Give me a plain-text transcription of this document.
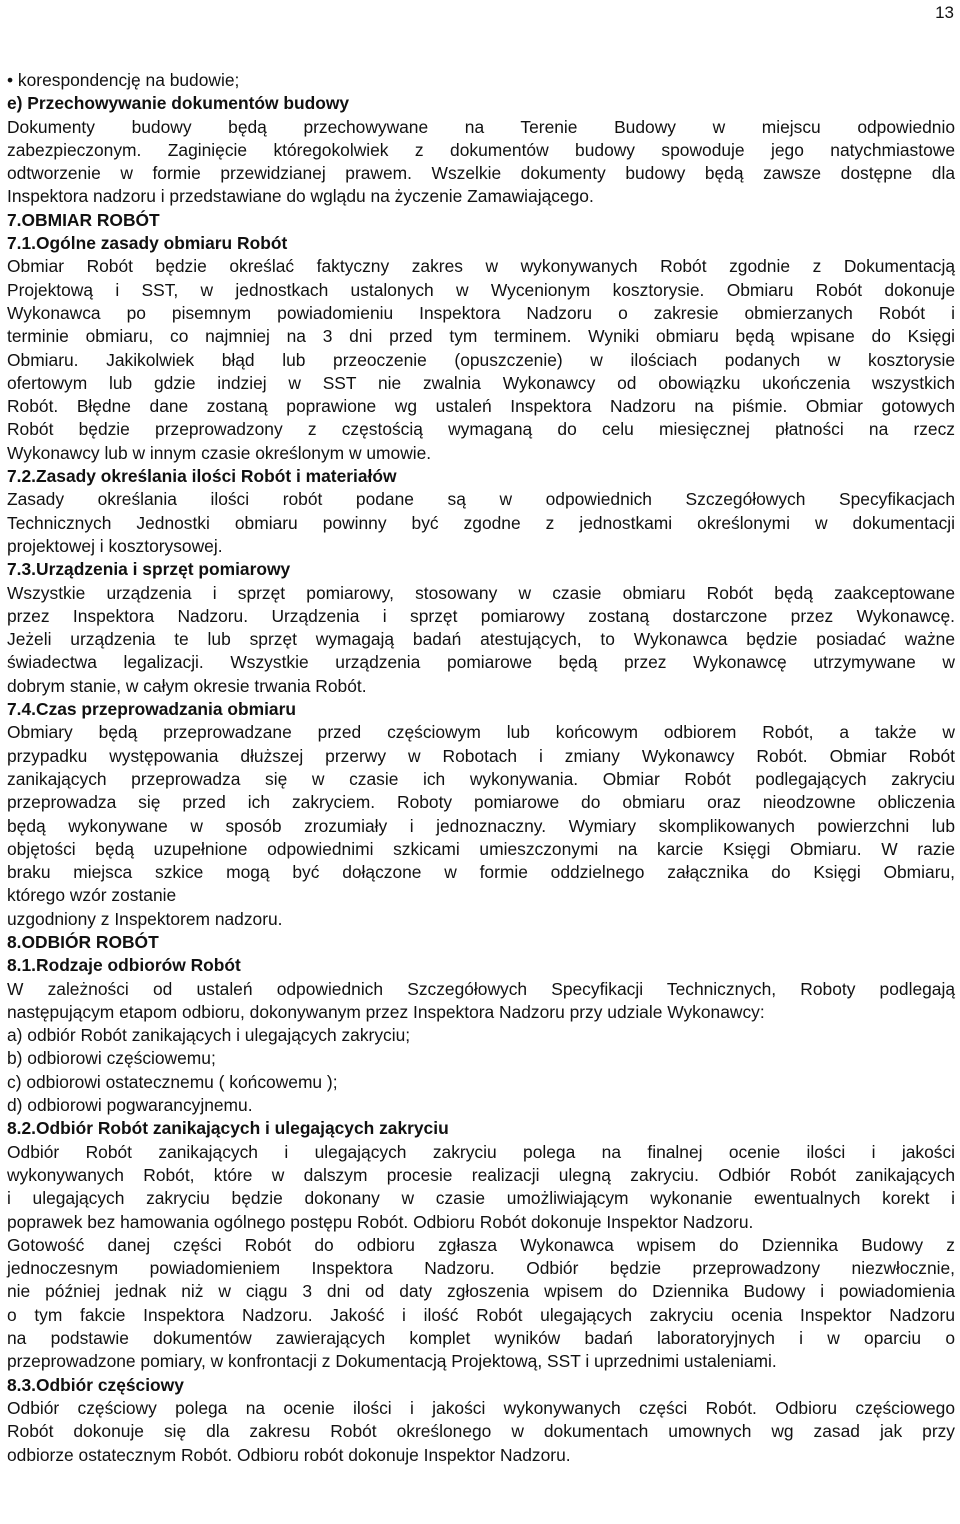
13
• korespondencję na budowie;
e) Przechowywanie dokumentów budowy
Dokumenty budowy będą przechowywane na Terenie Budowy w miejscu odpowiednio
zabezpieczonym. Zaginięcie któregokolwiek z dokumentów budowy spowoduje jego natychmiastowe
odtworzenie w formie przewidzianej prawem. Wszelkie dokumenty budowy będą zawsze dostępne dla
Inspektora nadzoru i przedstawiane do wglądu na życzenie Zamawiającego.
7.OBMIAR ROBÓT
7.1.Ogólne zasady obmiaru Robót
Obmiar Robót będzie określać faktyczny zakres w wykonywanych Robót zgodnie z Dokumentacją
Projektową i SST, w jednostkach ustalonych w Wycenionym kosztorysie. Obmiaru Robót dokonuje
Wykonawca po pisemnym powiadomieniu Inspektora Nadzoru o zakresie obmierzanych Robót i
terminie obmiaru, co najmniej na 3 dni przed tym terminem. Wyniki obmiaru będą wpisane do Księgi
Obmiaru. Jakikolwiek błąd lub przeoczenie (opuszczenie) w ilościach podanych w kosztorysie
ofertowym lub gdzie indziej w SST nie zwalnia Wykonawcy od obowiązku ukończenia wszystkich
Robót. Błędne dane zostaną poprawione wg ustaleń Inspektora Nadzoru na piśmie. Obmiar gotowych
Robót będzie przeprowadzony z częstością wymaganą do celu miesięcznej płatności na rzecz
Wykonawcy lub w innym czasie określonym w umowie.
7.2.Zasady określania ilości Robót i materiałów
Zasady określania ilości robót podane są w odpowiednich Szczegółowych Specyfikacjach
Technicznych Jednostki obmiaru powinny być zgodne z jednostkami określonymi w dokumentacji
projektowej i kosztorysowej.
7.3.Urządzenia i sprzęt pomiarowy
Wszystkie urządzenia i sprzęt pomiarowy, stosowany w czasie obmiaru Robót będą zaakceptowane
przez Inspektora Nadzoru. Urządzenia i sprzęt pomiarowy zostaną dostarczone przez Wykonawcę.
Jeżeli urządzenia te lub sprzęt wymagają badań atestujących, to Wykonawca będzie posiadać ważne
świadectwa legalizacji. Wszystkie urządzenia pomiarowe będą przez Wykonawcę utrzymywane w
dobrym stanie, w całym okresie trwania Robót.
7.4.Czas przeprowadzania obmiaru
Obmiary będą przeprowadzane przed częściowym lub końcowym odbiorem Robót, a także w
przypadku występowania dłuższej przerwy w Robotach i zmiany Wykonawcy Robót. Obmiar Robót
zanikających przeprowadza się w czasie ich wykonywania. Obmiar Robót podlegających zakryciu
przeprowadza się przed ich zakryciem. Roboty pomiarowe do obmiaru oraz nieodzowne obliczenia
będą wykonywane w sposób zrozumiały i jednoznaczny. Wymiary skomplikowanych powierzchni lub
objętości będą uzupełnione odpowiednimi szkicami umieszczonymi na karcie Księgi Obmiaru. W razie
braku miejsca szkice mogą być dołączone w formie oddzielnego załącznika do Księgi Obmiaru,
którego wzór zostanie
uzgodniony z Inspektorem nadzoru.
8.ODBIÓR ROBÓT
8.1.Rodzaje odbiorów Robót
W zależności od ustaleń odpowiednich Szczegółowych Specyfikacji Technicznych, Roboty podlegają
następującym etapom odbioru, dokonywanym przez Inspektora Nadzoru przy udziale Wykonawcy:
a) odbiór Robót zanikających i ulegających zakryciu;
b) odbiorowi częściowemu;
c) odbiorowi ostatecznemu ( końcowemu );
d) odbiorowi pogwarancyjnemu.
8.2.Odbiór Robót zanikających i ulegających zakryciu
Odbiór Robót zanikających i ulegających zakryciu polega na finalnej ocenie ilości i jakości
wykonywanych Robót, które w dalszym procesie realizacji ulegną zakryciu. Odbiór Robót zanikających
i ulegających zakryciu będzie dokonany w czasie umożliwiającym wykonanie ewentualnych korekt i
poprawek bez hamowania ogólnego postępu Robót. Odbioru Robót dokonuje Inspektor Nadzoru.
Gotowość danej części Robót do odbioru zgłasza Wykonawca wpisem do Dziennika Budowy z
jednoczesnym powiadomieniem Inspektora Nadzoru. Odbiór będzie przeprowadzony niezwłocznie,
nie później jednak niż w ciągu 3 dni od daty zgłoszenia wpisem do Dziennika Budowy i powiadomienia
o tym fakcie Inspektora Nadzoru. Jakość i ilość Robót ulegających zakryciu ocenia Inspektor Nadzoru
na podstawie dokumentów zawierających komplet wyników badań laboratoryjnych i w oparciu o
przeprowadzone pomiary, w konfrontacji z Dokumentacją Projektową, SST i uprzednimi ustaleniami.
8.3.Odbiór częściowy
Odbiór częściowy polega na ocenie ilości i jakości wykonywanych części Robót. Odbioru częściowego
Robót dokonuje się dla zakresu Robót określonego w dokumentach umownych wg zasad jak przy
odbiorze ostatecznym Robót. Odbioru robót dokonuje Inspektor Nadzoru.
